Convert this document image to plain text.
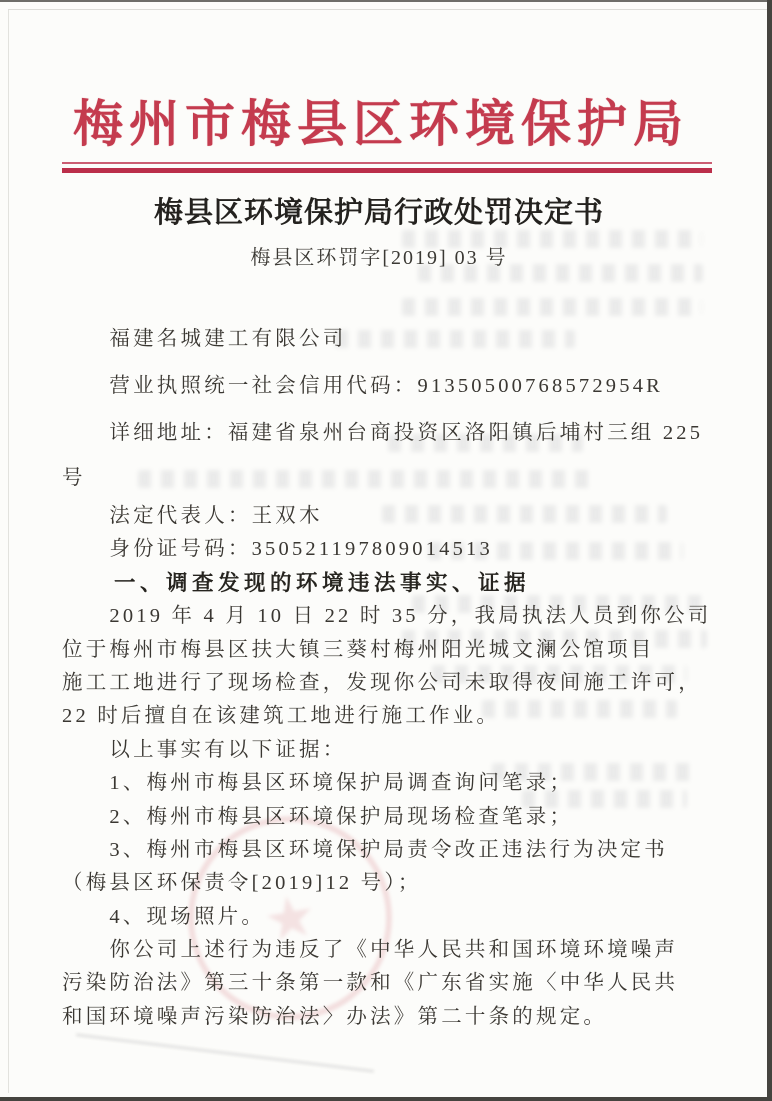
★
梅州市梅县区环境保护局
梅县区环境保护局行政处罚决定书
梅县区环罚字[2019] 03 号
　　福建名城建工有限公司
　　营业执照统一社会信用代码：91350500768572954R
　　详细地址：福建省泉州台商投资区洛阳镇后埔村三组 225
号
　　法定代表人：王双木
　　身份证号码：350521197809014513
　　一、调查发现的环境违法事实、证据
　　2019 年 4 月 10 日 22 时 35 分，我局执法人员到你公司
位于梅州市梅县区扶大镇三葵村梅州阳光城文澜公馆项目
施工工地进行了现场检查，发现你公司未取得夜间施工许可，
22 时后擅自在该建筑工地进行施工作业。
　　以上事实有以下证据：
　　1、梅州市梅县区环境保护局调查询问笔录；
　　2、梅州市梅县区环境保护局现场检查笔录；
　　3、梅州市梅县区环境保护局责令改正违法行为决定书
（梅县区环保责令[2019]12 号）；
　　4、现场照片。
　　你公司上述行为违反了《中华人民共和国环境环境噪声
污染防治法》第三十条第一款和《广东省实施〈中华人民共
和国环境噪声污染防治法〉办法》第二十条的规定。
